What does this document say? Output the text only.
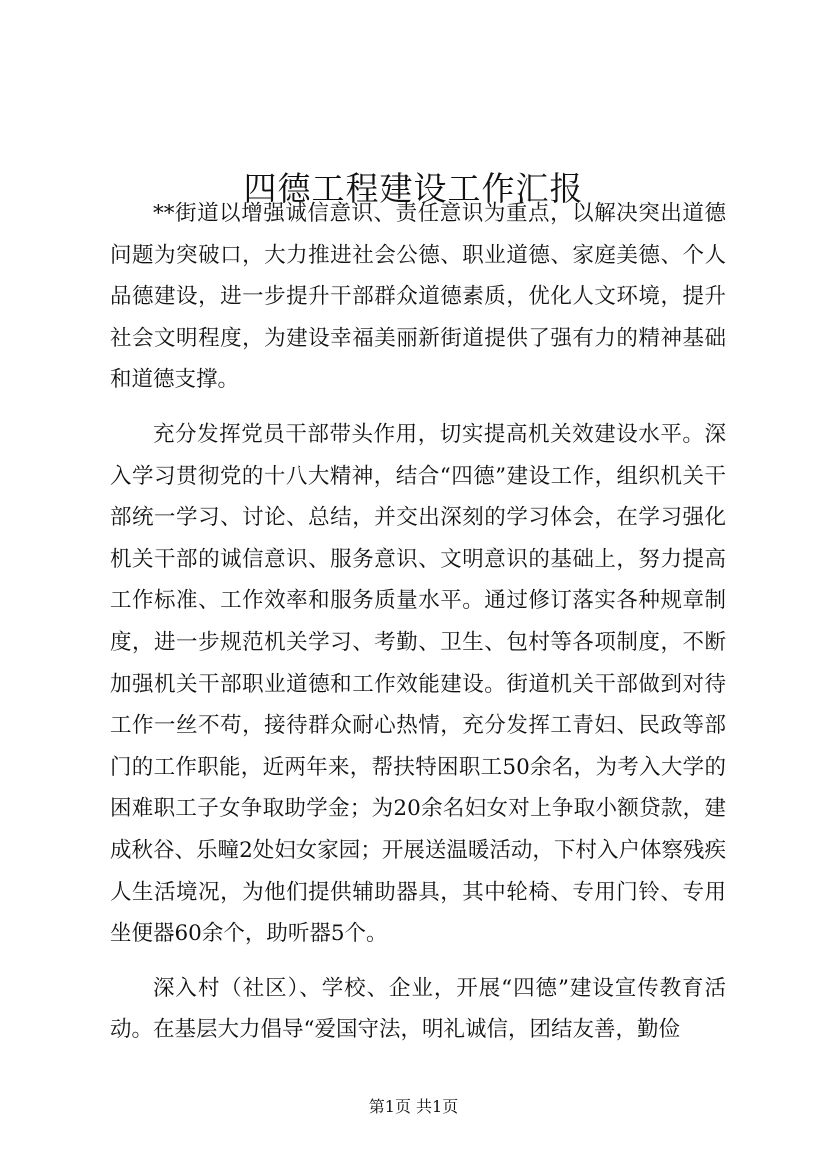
四德工程建设工作汇报

**街道以增强诚信意识、责任意识为重点，以解决突出道德问题为突破口，大力推进社会公德、职业道德、家庭美德、个人品德建设，进一步提升干部群众道德素质，优化人文环境，提升社会文明程度，为建设幸福美丽新街道提供了强有力的精神基础和道德支撑。

充分发挥党员干部带头作用，切实提高机关效建设水平。深入学习贯彻党的十八大精神，结合“四德”建设工作，组织机关干部统一学习、讨论、总结，并交出深刻的学习体会，在学习强化机关干部的诚信意识、服务意识、文明意识的基础上，努力提高工作标准、工作效率和服务质量水平。通过修订落实各种规章制度，进一步规范机关学习、考勤、卫生、包村等各项制度，不断加强机关干部职业道德和工作效能建设。街道机关干部做到对待工作一丝不苟，接待群众耐心热情，充分发挥工青妇、民政等部门的工作职能，近两年来，帮扶特困职工50余名，为考入大学的困难职工子女争取助学金；为20余名妇女对上争取小额贷款，建成秋谷、乐疃2处妇女家园；开展送温暖活动，下村入户体察残疾人生活境况，为他们提供辅助器具，其中轮椅、专用门铃、专用坐便器60余个，助听器5个。

深入村（社区）、学校、企业，开展“四德”建设宣传教育活动。在基层大力倡导“爱国守法，明礼诚信，团结友善，勤俭

第1页 共1页
